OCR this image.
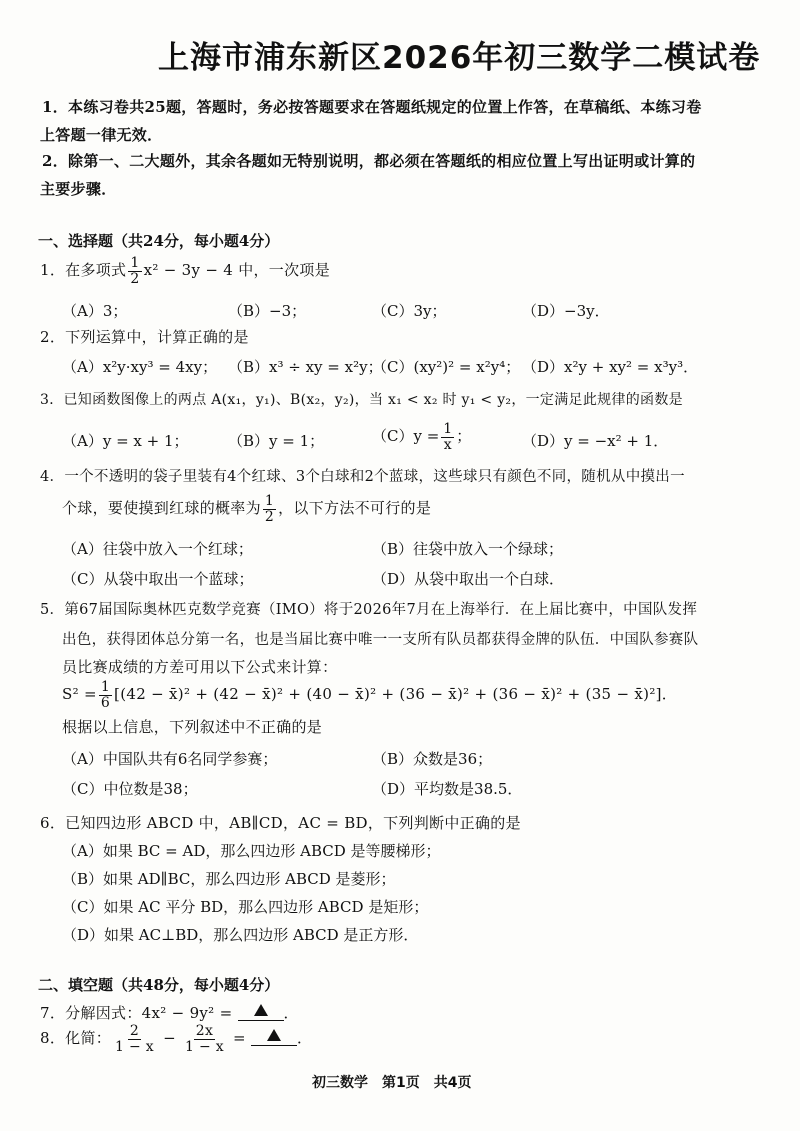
上海市浦东新区2026年初三数学二模试卷
1．本练习卷共25题，答题时，务必按答题要求在答题纸规定的位置上作答，在草稿纸、本练习卷
上答题一律无效．
2．除第一、二大题外，其余各题如无特别说明，都必须在答题纸的相应位置上写出证明或计算的
主要步骤．
一、选择题（共24分，每小题4分）
1．在多项式 $\frac{1}{2} x^2 - 3y - 4$ 中，一次项是
（A）3；	（B）−3；	（C）3y；	（D）−3y．
2．下列运算中，计算正确的是
（A）x²y·xy³ = 4xy； （B）x³ ÷ xy = x²y；
（C）(xy²)² = x²y⁴； （D）x²y + xy² = x³y³．
3．已知函数图像上的两点 A(x₁，y₁)、B(x₂，y₂)，当 x₁ < x₂ 时 y₁ < y₂，一定满足此规律的函数是
（A）y = x + 1；	（B）y = 1；	$(C)y = \frac{1}{x}$ ；	（D）y = −x² + 1．
4．一个不透明的袋子里装有4个红球、3个白球和2个蓝球，这些球只有颜色不同，随机从中摸出一
个球，要使摸到红球的概率为 $\frac{1}{2}$ ，以下方法不可行的是
（A）往袋中放入一个红球；	（B）往袋中放入一个绿球；
（C）从袋中取出一个蓝球；	（D）从袋中取出一个白球．
5．第67届国际奥林匹克数学竞赛（IMO）将于2026年7月在上海举行．在上届比赛中，中国队发挥
出色，获得团体总分第一名，也是当届比赛中唯一一支所有队员都获得金牌的队伍．中国队参赛队
员比赛成绩的方差可用以下公式来计算：
$S^2 = \frac{1}{6} [(42$ − x̄)² + (42 − x̄)² + (40 − x̄)² + (36 − x̄)² + (36 − x̄)² + (35 − x̄)²]．
根据以上信息，下列叙述中不正确的是
（A）中国队共有6名同学参赛；	（B）众数是36；
（C）中位数是38；	（D）平均数是38.5．
6．已知四边形 ABCD 中，AB∥CD，AC = BD，下列判断中正确的是
（A）如果 BC = AD，那么四边形 ABCD 是等腰梯形；
（B）如果 AD∥BC，那么四边形 ABCD 是菱形；
（C）如果 AC 平分 BD，那么四边形 ABCD 是矩形；
（D）如果 AC⊥BD，那么四边形 ABCD 是正方形．
二、填空题（共48分，每小题4分）
7．分解因式：4x² − 9y² =	．
8．化简： $\frac{2}{1 - x} - \frac{2x}{1 - x}$ =	．
初三数学　第1页　共4页
